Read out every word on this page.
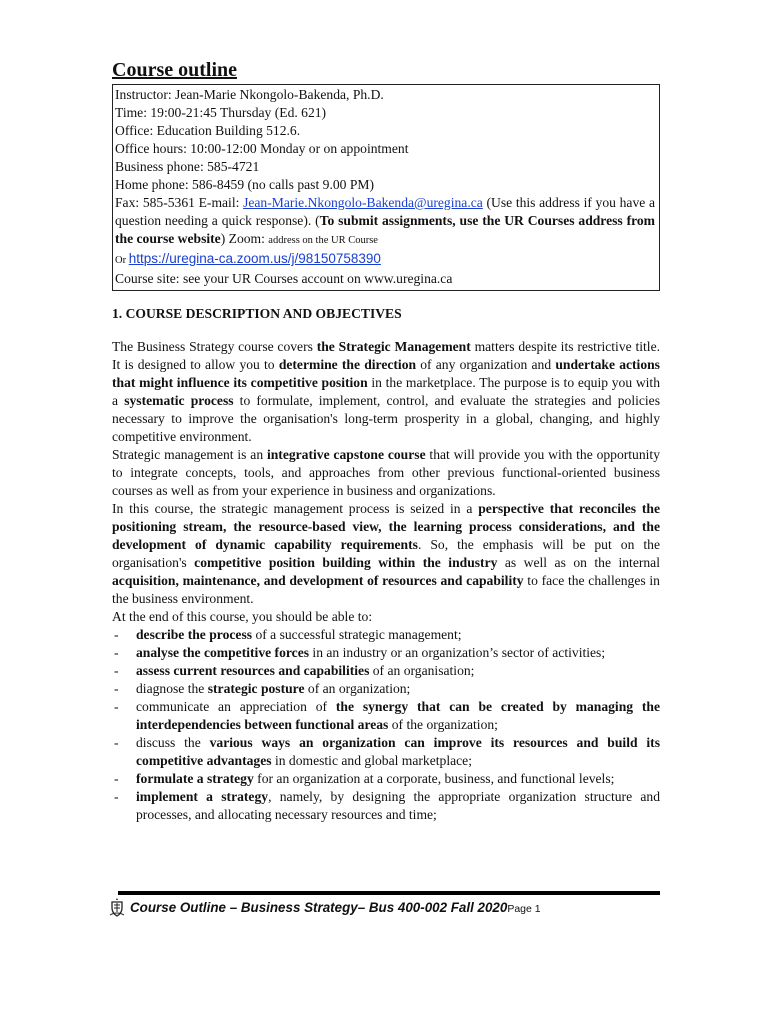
Course outline
Instructor: Jean-Marie Nkongolo-Bakenda, Ph.D.
Time: 19:00-21:45 Thursday (Ed. 621)
Office: Education Building 512.6.
Office hours: 10:00-12:00 Monday or on appointment
Business phone: 585-4721
Home phone: 586-8459 (no calls past 9.00 PM)
Fax: 585-5361 E-mail: Jean-Marie.Nkongolo-Bakenda@uregina.ca (Use this address if you have a question needing a quick response). (To submit assignments, use the UR Courses address from the course website) Zoom: address on the UR Course
Or https://uregina-ca.zoom.us/j/98150758390
Course site: see your UR Courses account on www.uregina.ca
1. COURSE DESCRIPTION AND OBJECTIVES

The Business Strategy course covers the Strategic Management matters despite its restrictive title. It is designed to allow you to determine the direction of any organization and undertake actions that might influence its competitive position in the marketplace. The purpose is to equip you with a systematic process to formulate, implement, control, and evaluate the strategies and policies necessary to improve the organisation's long-term prosperity in a global, changing, and highly competitive environment.

Strategic management is an integrative capstone course that will provide you with the opportunity to integrate concepts, tools, and approaches from other previous functional-oriented business courses as well as from your experience in business and organizations.

In this course, the strategic management process is seized in a perspective that reconciles the positioning stream, the resource-based view, the learning process considerations, and the development of dynamic capability requirements. So, the emphasis will be put on the organisation's competitive position building within the industry as well as on the internal acquisition, maintenance, and development of resources and capability to face the challenges in the business environment.

At the end of this course, you should be able to:

- describe the process of a successful strategic management;
- analyse the competitive forces in an industry or an organization’s sector of activities;
- assess current resources and capabilities of an organisation;
- diagnose the strategic posture of an organization;
- communicate an appreciation of the synergy that can be created by managing the interdependencies between functional areas of the organization;
- discuss the various ways an organization can improve its resources and build its competitive advantages in domestic and global marketplace;
- formulate a strategy for an organization at a corporate, business, and functional levels;
- implement a strategy, namely, by designing the appropriate organization structure and processes, and allocating necessary resources and time;
Course Outline – Business Strategy– Bus 400-002 Fall 2020Page 1
